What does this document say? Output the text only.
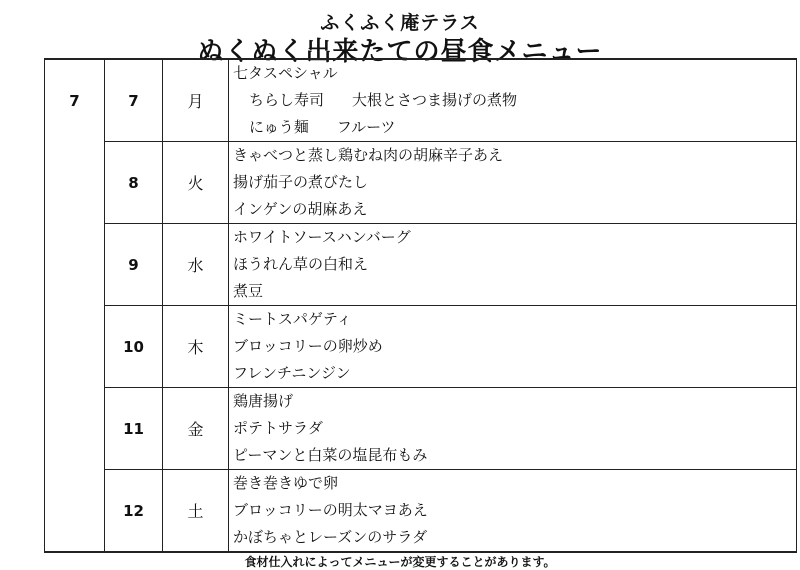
ふくふく庵テラス
ぬくぬく出来たての昼食メニュー
7	7	月	七タスペシャル
ちらし寿司 大根とさつま揚げの煮物
にゅう麺 フルーツ

	8	火	きゃべつと蒸し鶏むね肉の胡麻辛子あえ
揚げ茄子の煮びたし
インゲンの胡麻あえ

	9	水	ホワイトソースハンバーグ
ほうれん草の白和え
煮豆

	10	木	ミートスパゲティ
ブロッコリーの卵炒め
フレンチニンジン

	11	金	鶏唐揚げ
ポテトサラダ
ピーマンと白菜の塩昆布もみ

	12	土	巻き巻きゆで卵
ブロッコリーの明太マヨあえ
かぼちゃとレーズンのサラダ
食材仕入れによってメニューが変更することがあります。
